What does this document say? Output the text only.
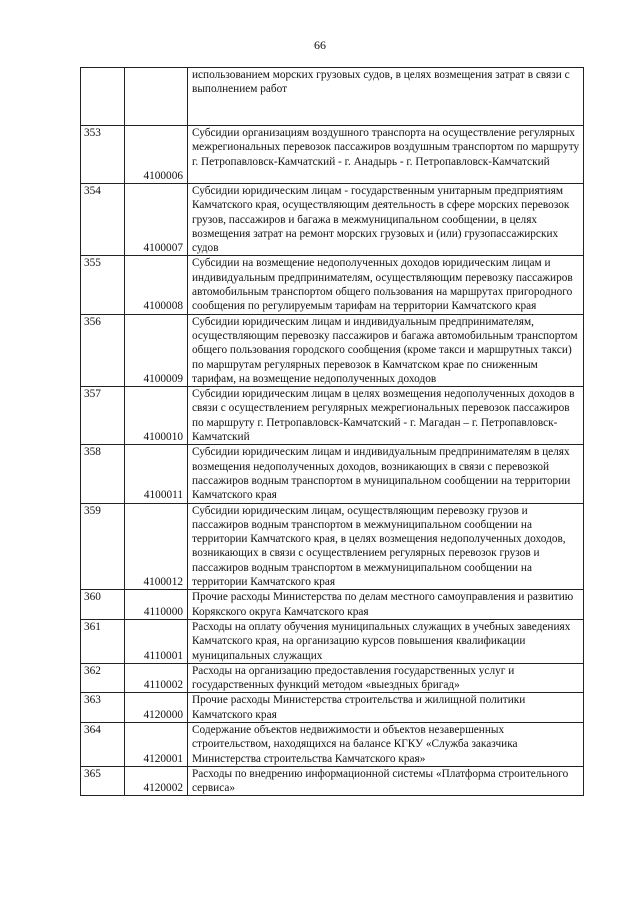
66
		использованием морских грузовых судов, в целях возмещения затрат в связи с выполнением работ
353	4100006	Субсидии организациям воздушного транспорта на осуществление регулярных межрегиональных перевозок пассажиров воздушным транспортом по маршруту г. Петропавловск-Камчатский - г. Анадырь - г. Петропавловск-Камчатский
354	4100007	Субсидии юридическим лицам - государственным унитарным предприятиям Камчатского края, осуществляющим деятельность в сфере морских перевозок грузов, пассажиров и багажа в межмуниципальном сообщении, в целях возмещения затрат на ремонт морских грузовых и (или) грузопассажирских судов
355	4100008	Субсидии на возмещение недополученных доходов юридическим лицам и индивидуальным предпринимателям, осуществляющим перевозку пассажиров автомобильным транспортом общего пользования на маршрутах пригородного сообщения по регулируемым тарифам на территории Камчатского края
356	4100009	Субсидии юридическим лицам и индивидуальным предпринимателям, осуществляющим перевозку пассажиров и багажа автомобильным транспортом общего пользования городского сообщения (кроме такси и маршрутных такси) по маршрутам регулярных перевозок в Камчатском крае по сниженным тарифам, на возмещение недополученных доходов
357	4100010	Субсидии юридическим лицам в целях возмещения недополученных доходов в связи с осуществлением регулярных межрегиональных перевозок пассажиров по маршруту г. Петропавловск-Камчатский - г. Магадан – г. Петропавловск-Камчатский
358	4100011	Субсидии юридическим лицам и индивидуальным предпринимателям в целях возмещения недополученных доходов, возникающих в связи с перевозкой пассажиров водным транспортом в муниципальном сообщении на территории Камчатского края
359	4100012	Субсидии юридическим лицам, осуществляющим перевозку грузов и пассажиров водным транспортом в межмуниципальном сообщении на территории Камчатского края, в целях возмещения недополученных доходов, возникающих в связи с осуществлением регулярных перевозок грузов и пассажиров водным транспортом в межмуниципальном сообщении на территории Камчатского края
360	4110000	Прочие расходы Министерства по делам местного самоуправления и развитию Корякского округа Камчатского края
361	4110001	Расходы на оплату обучения муниципальных служащих в учебных заведениях Камчатского края, на организацию курсов повышения квалификации муниципальных служащих
362	4110002	Расходы на организацию предоставления государственных услуг и государственных функций методом «выездных бригад»
363	4120000	Прочие расходы Министерства строительства и жилищной политики Камчатского края
364	4120001	Содержание объектов недвижимости и объектов незавершенных строительством, находящихся на балансе КГКУ «Служба заказчика Министерства строительства Камчатского края»
365	4120002	Расходы по внедрению информационной системы «Платформа строительного сервиса»
